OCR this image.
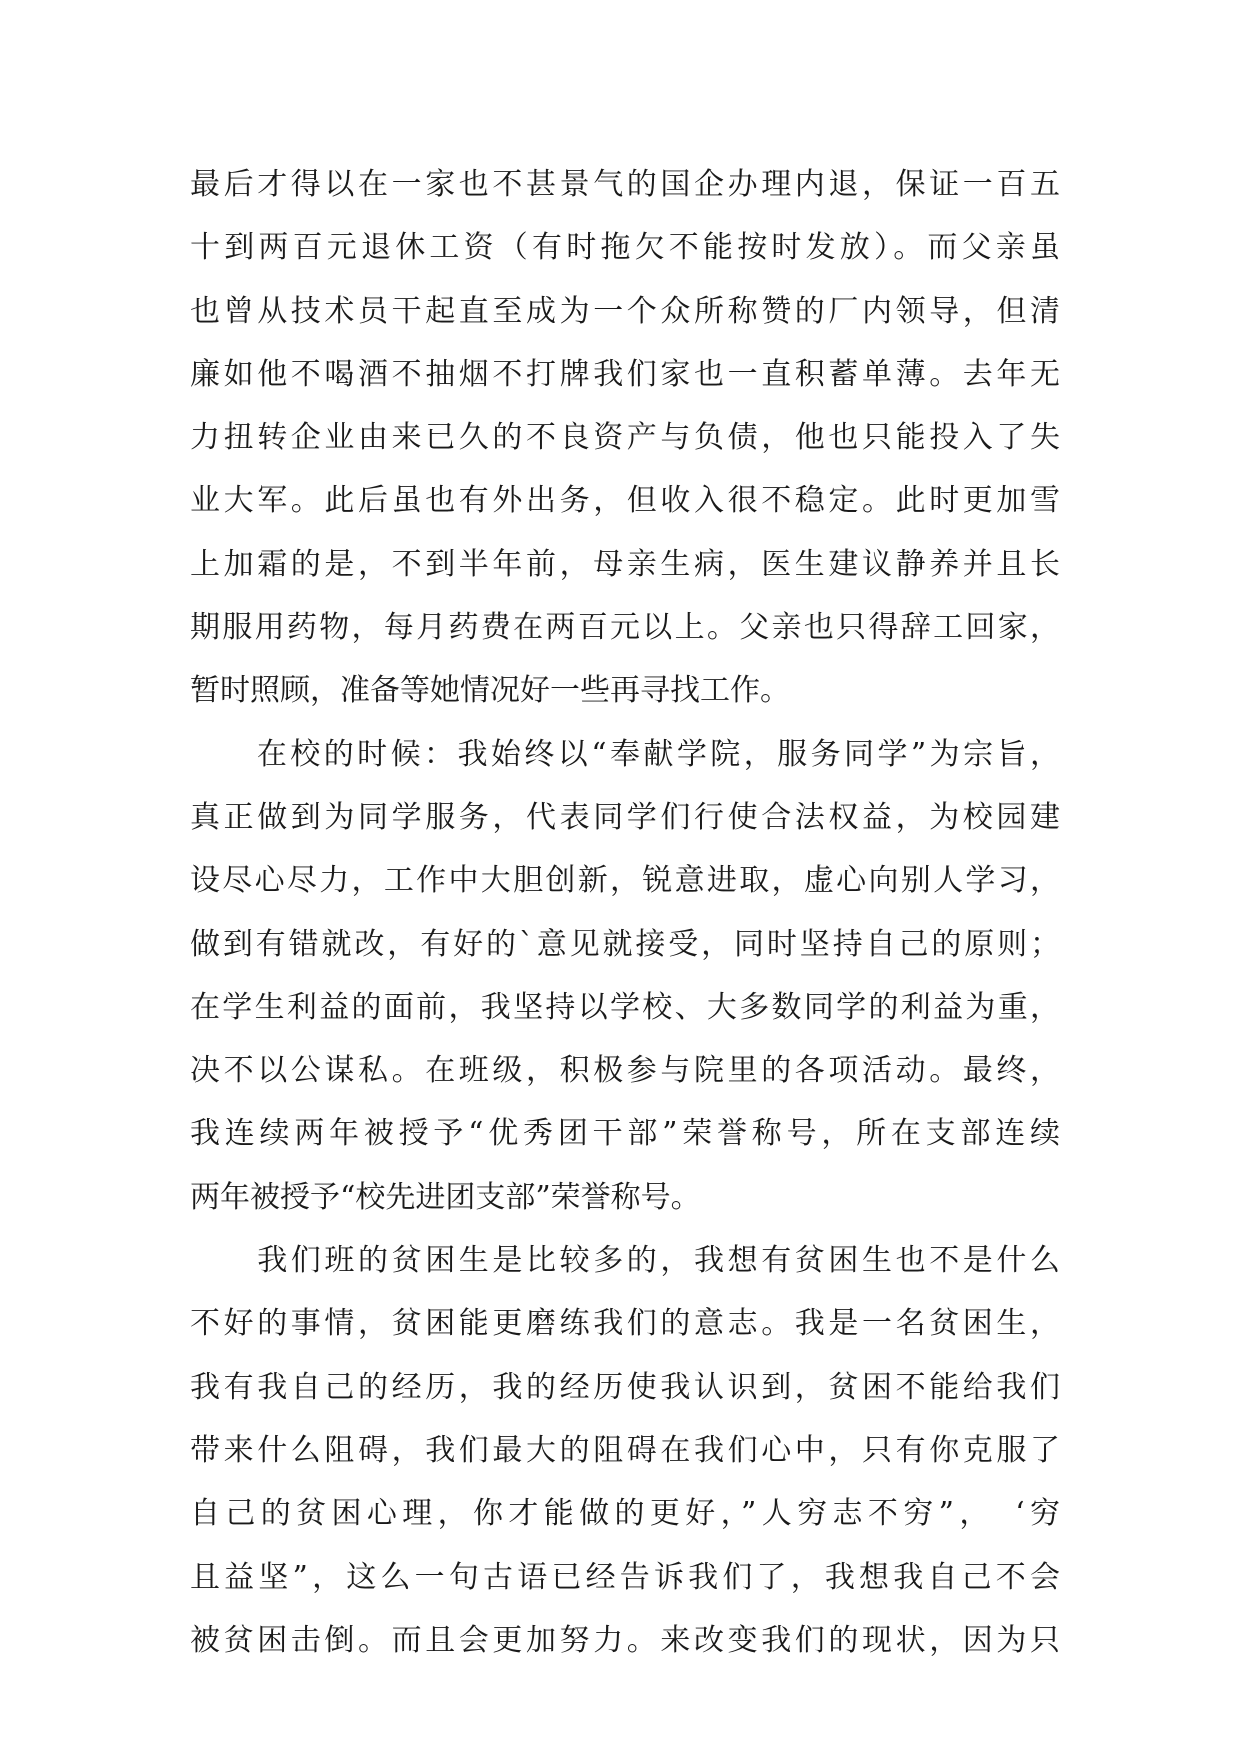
最后才得以在一家也不甚景气的国企办理内退，保证一百五
十到两百元退休工资（有时拖欠不能按时发放）。而父亲虽
也曾从技术员干起直至成为一个众所称赞的厂内领导，但清
廉如他不喝酒不抽烟不打牌我们家也一直积蓄单薄。去年无
力扭转企业由来已久的不良资产与负债，他也只能投入了失
业大军。此后虽也有外出务，但收入很不稳定。此时更加雪
上加霜的是，不到半年前，母亲生病，医生建议静养并且长
期服用药物，每月药费在两百元以上。父亲也只得辞工回家，
暂时照顾，准备等她情况好一些再寻找工作。
　　在校的时候：我始终以“奉献学院，服务同学”为宗旨，
真正做到为同学服务，代表同学们行使合法权益，为校园建
设尽心尽力，工作中大胆创新，锐意进取，虚心向别人学习，
做到有错就改，有好的`意见就接受，同时坚持自己的原则；
在学生利益的面前，我坚持以学校、大多数同学的利益为重，
决不以公谋私。在班级，积极参与院里的各项活动。最终，
我连续两年被授予“优秀团干部”荣誉称号，所在支部连续
两年被授予“校先进团支部”荣誉称号。
　　我们班的贫困生是比较多的，我想有贫困生也不是什么
不好的事情，贫困能更磨练我们的意志。我是一名贫困生，
我有我自己的经历，我的经历使我认识到，贫困不能给我们
带来什么阻碍，我们最大的阻碍在我们心中，只有你克服了
自己的贫困心理，你才能做的更好，”人穷志不穷”，　‘穷
且益坚”，这么一句古语已经告诉我们了，我想我自己不会
被贫困击倒。而且会更加努力。来改变我们的现状，因为只
